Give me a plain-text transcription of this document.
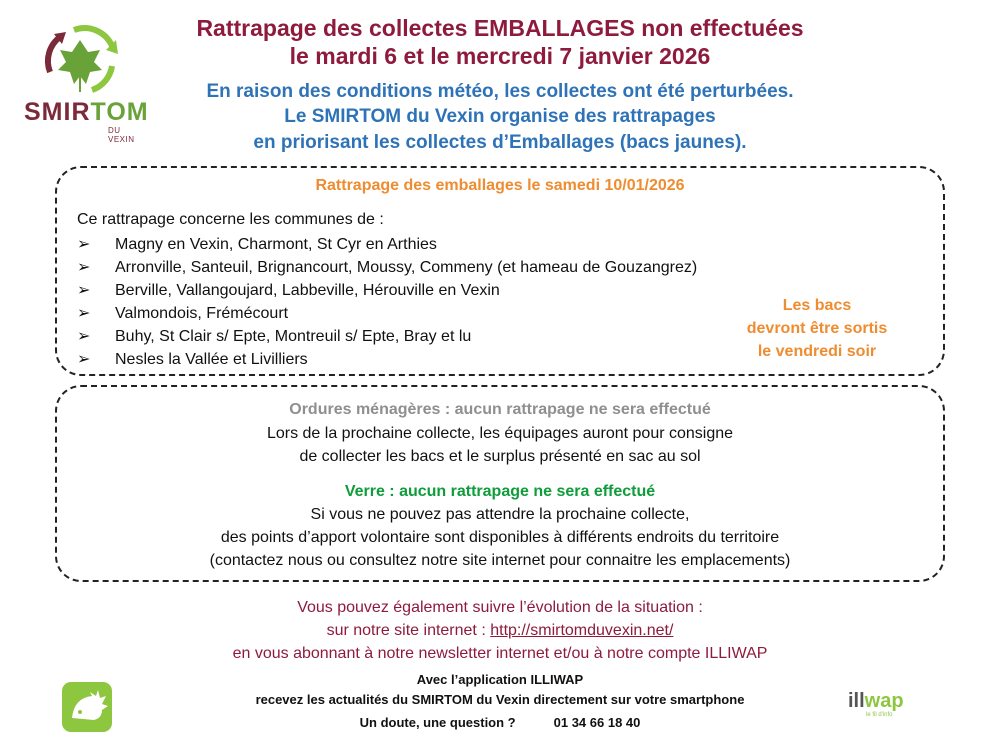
SMIRTOM
DU VEXIN
Rattrapage des collectes EMBALLAGES non effectuées
le mardi 6 et le mercredi 7 janvier 2026
En raison des conditions météo, les collectes ont été perturbées.
Le SMIRTOM du Vexin organise des rattrapages
en priorisant les collectes d’Emballages (bacs jaunes).
Rattrapage des emballages le samedi 10/01/2026
Ce rattrapage concerne les communes de :
➢	Magny en Vexin, Charmont, St Cyr en Arthies
➢	Arronville, Santeuil, Brignancourt, Moussy, Commeny (et hameau de Gouzangrez)
➢	Berville, Vallangoujard, Labbeville, Hérouville en Vexin
➢	Valmondois, Frémécourt
➢	Buhy, St Clair s/ Epte, Montreuil s/ Epte, Bray et lu
➢	Nesles la Vallée et Livilliers
Les bacs
devront être sortis
le vendredi soir
Ordures ménagères : aucun rattrapage ne sera effectué
Lors de la prochaine collecte, les équipages auront pour consigne
de collecter les bacs et le surplus présenté en sac au sol
Verre : aucun rattrapage ne sera effectué
Si vous ne pouvez pas attendre la prochaine collecte,
des points d’apport volontaire sont disponibles à différents endroits du territoire
(contactez nous ou consultez notre site internet pour connaitre les emplacements)
Vous pouvez également suivre l’évolution de la situation :
sur notre site internet : http://smirtomduvexin.net/
en vous abonnant à notre newsletter internet et/ou à notre compte ILLIWAP
Avec l’application ILLIWAP
recevez les actualités du SMIRTOM du Vexin directement sur votre smartphone
Un doute, une question ?	01 34 66 18 40
illwap
le fil d'info
